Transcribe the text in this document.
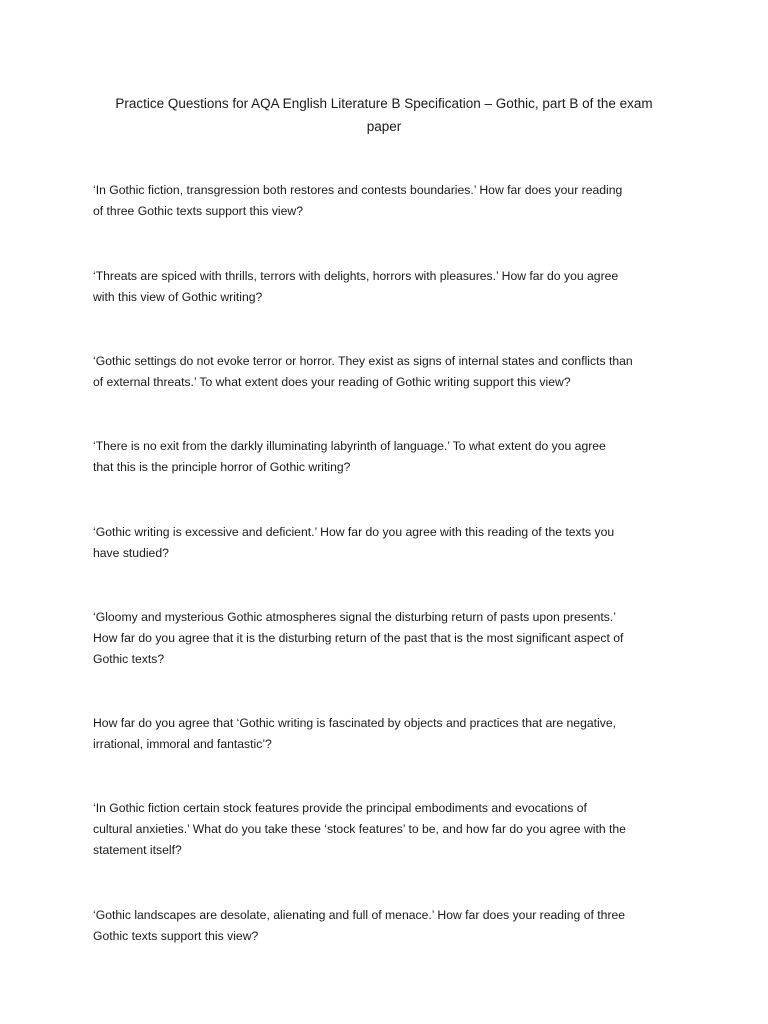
Practice Questions for AQA English Literature B Specification – Gothic, part B of the exam
paper

‘In Gothic fiction, transgression both restores and contests boundaries.’ How far does your reading
of three Gothic texts support this view?

‘Threats are spiced with thrills, terrors with delights, horrors with pleasures.’ How far do you agree
with this view of Gothic writing?

‘Gothic settings do not evoke terror or horror. They exist as signs of internal states and conflicts than
of external threats.’ To what extent does your reading of Gothic writing support this view?

‘There is no exit from the darkly illuminating labyrinth of language.’ To what extent do you agree
that this is the principle horror of Gothic writing?

‘Gothic writing is excessive and deficient.’ How far do you agree with this reading of the texts you
have studied?

‘Gloomy and mysterious Gothic atmospheres signal the disturbing return of pasts upon presents.’
How far do you agree that it is the disturbing return of the past that is the most significant aspect of
Gothic texts?

How far do you agree that ‘Gothic writing is fascinated by objects and practices that are negative,
irrational, immoral and fantastic’?

‘In Gothic fiction certain stock features provide the principal embodiments and evocations of
cultural anxieties.’ What do you take these ‘stock features’ to be, and how far do you agree with the
statement itself?

‘Gothic landscapes are desolate, alienating and full of menace.’ How far does your reading of three
Gothic texts support this view?
